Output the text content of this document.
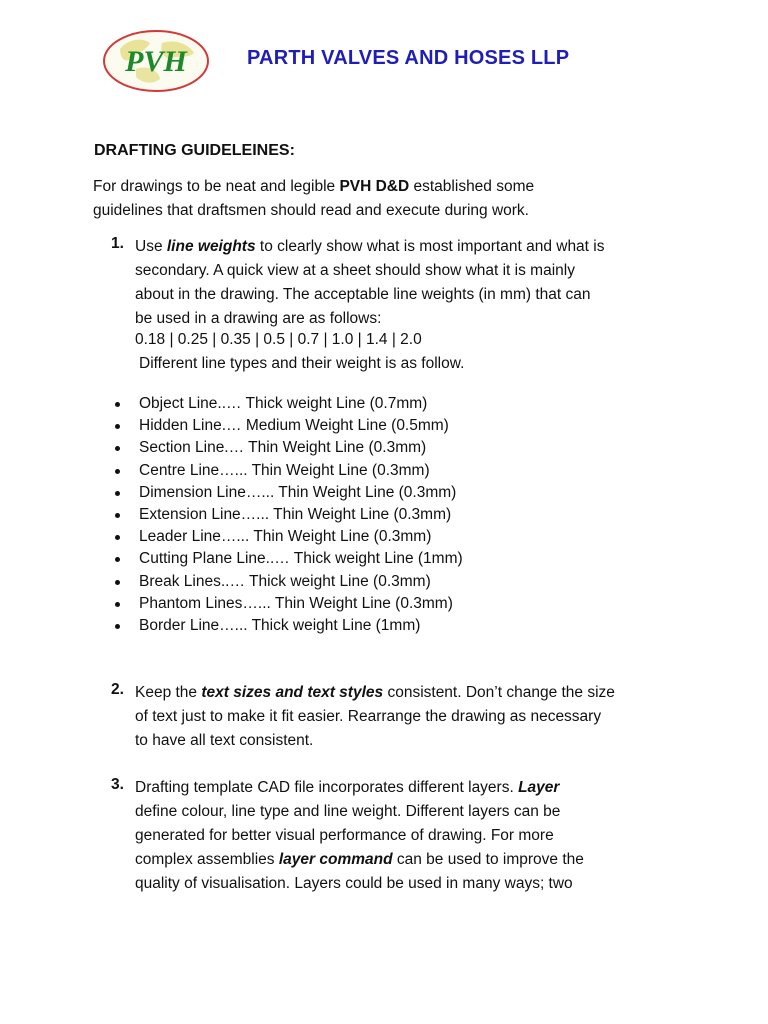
PVH	PARTH VALVES AND HOSES LLP
DRAFTING GUIDELEINES:
For drawings to be neat and legible PVH D&D established some
guidelines that draftsmen should read and execute during work.
1. Use line weights to clearly show what is most important and what is
secondary. A quick view at a sheet should show what it is mainly
about in the drawing. The acceptable line weights (in mm) that can
be used in a drawing are as follows:
0.18 | 0.25 | 0.35 | 0.5 | 0.7 | 1.0 | 1.4 | 2.0
Different line types and their weight is as follow.
Object Line..… Thick weight Line (0.7mm)
Hidden Line.… Medium Weight Line (0.5mm)
Section Line.… Thin Weight Line (0.3mm)
Centre Line…... Thin Weight Line (0.3mm)
Dimension Line…... Thin Weight Line (0.3mm)
Extension Line…... Thin Weight Line (0.3mm)
Leader Line…... Thin Weight Line (0.3mm)
Cutting Plane Line..… Thick weight Line (1mm)
Break Lines..… Thick weight Line (0.3mm)
Phantom Lines…... Thin Weight Line (0.3mm)
Border Line…... Thick weight Line (1mm)
2. Keep the text sizes and text styles consistent. Don’t change the size
of text just to make it fit easier. Rearrange the drawing as necessary
to have all text consistent.
3. Drafting template CAD file incorporates different layers. Layer
define colour, line type and line weight. Different layers can be
generated for better visual performance of drawing. For more
complex assemblies layer command can be used to improve the
quality of visualisation. Layers could be used in many ways; two
